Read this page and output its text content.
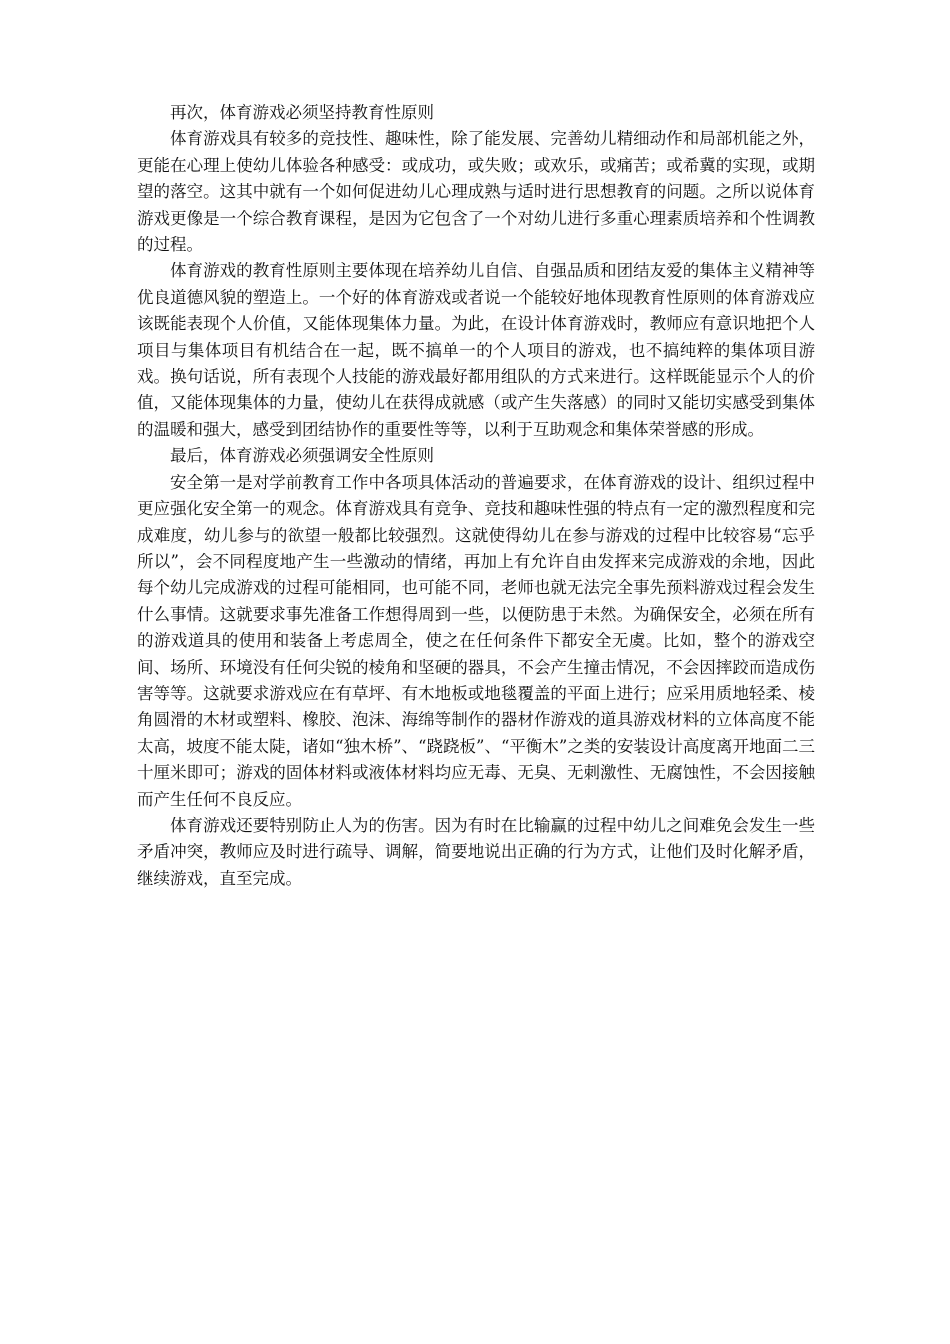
再次，体育游戏必须坚持教育性原则

体育游戏具有较多的竞技性、趣味性，除了能发展、完善幼儿精细动作和局部机能之外，更能在心理上使幼儿体验各种感受：或成功，或失败；或欢乐，或痛苦；或希冀的实现，或期望的落空。这其中就有一个如何促进幼儿心理成熟与适时进行思想教育的问题。之所以说体育游戏更像是一个综合教育课程，是因为它包含了一个对幼儿进行多重心理素质培养和个性调教的过程。

体育游戏的教育性原则主要体现在培养幼儿自信、自强品质和团结友爱的集体主义精神等优良道德风貌的塑造上。一个好的体育游戏或者说一个能较好地体现教育性原则的体育游戏应该既能表现个人价值，又能体现集体力量。为此，在设计体育游戏时，教师应有意识地把个人项目与集体项目有机结合在一起，既不搞单一的个人项目的游戏，也不搞纯粹的集体项目游戏。换句话说，所有表现个人技能的游戏最好都用组队的方式来进行。这样既能显示个人的价值，又能体现集体的力量，使幼儿在获得成就感（或产生失落感）的同时又能切实感受到集体的温暖和强大，感受到团结协作的重要性等等，以利于互助观念和集体荣誉感的形成。

最后，体育游戏必须强调安全性原则

安全第一是对学前教育工作中各项具体活动的普遍要求，在体育游戏的设计、组织过程中更应强化安全第一的观念。体育游戏具有竞争、竞技和趣味性强的特点有一定的激烈程度和完成难度，幼儿参与的欲望一般都比较强烈。这就使得幼儿在参与游戏的过程中比较容易“忘乎所以”，会不同程度地产生一些激动的情绪，再加上有允许自由发挥来完成游戏的余地，因此每个幼儿完成游戏的过程可能相同，也可能不同，老师也就无法完全事先预料游戏过程会发生什么事情。这就要求事先准备工作想得周到一些，以便防患于未然。为确保安全，必须在所有的游戏道具的使用和装备上考虑周全，使之在任何条件下都安全无虞。比如，整个的游戏空间、场所、环境没有任何尖锐的棱角和坚硬的器具，不会产生撞击情况，不会因摔跤而造成伤害等等。这就要求游戏应在有草坪、有木地板或地毯覆盖的平面上进行；应采用质地轻柔、棱角圆滑的木材或塑料、橡胶、泡沫、海绵等制作的器材作游戏的道具游戏材料的立体高度不能太高，坡度不能太陡，诸如“独木桥”、“跷跷板”、“平衡木”之类的安装设计高度离开地面二三十厘米即可；游戏的固体材料或液体材料均应无毒、无臭、无刺激性、无腐蚀性，不会因接触而产生任何不良反应。

体育游戏还要特别防止人为的伤害。因为有时在比输赢的过程中幼儿之间难免会发生一些矛盾冲突，教师应及时进行疏导、调解，简要地说出正确的行为方式，让他们及时化解矛盾，继续游戏，直至完成。
